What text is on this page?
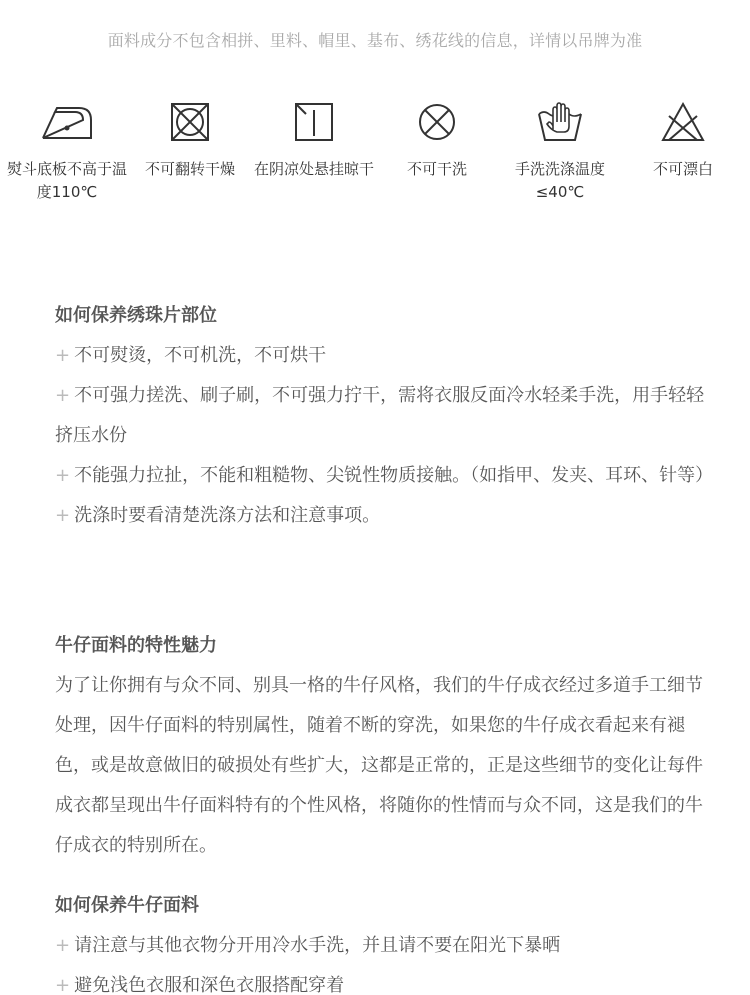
面料成分不包含相拼、里料、帽里、基布、绣花线的信息，详情以吊牌为准
熨斗底板不高于温度110℃
不可翻转干燥	在阴凉处悬挂晾干	不可干洗	手洗洗涤温度≤40℃
不可漂白
如何保养绣珠片部位
+ 不可熨烫，不可机洗，不可烘干
+ 不可强力搓洗、刷子刷，不可强力拧干，需将衣服反面冷水轻柔手洗，用手轻轻挤压水份
+ 不能强力拉扯，不能和粗糙物、尖锐性物质接触。（如指甲、发夹、耳环、针等）
+ 洗涤时要看清楚洗涤方法和注意事项。
牛仔面料的特性魅力
为了让你拥有与众不同、别具一格的牛仔风格，我们的牛仔成衣经过多道手工细节处理，因牛仔面料的特别属性，随着不断的穿洗，如果您的牛仔成衣看起来有褪色，或是故意做旧的破损处有些扩大，这都是正常的，正是这些细节的变化让每件成衣都呈现出牛仔面料特有的个性风格，将随你的性情而与众不同，这是我们的牛仔成衣的特别所在。
如何保养牛仔面料
+ 请注意与其他衣物分开用冷水手洗，并且请不要在阳光下暴晒
+ 避免浅色衣服和深色衣服搭配穿着
